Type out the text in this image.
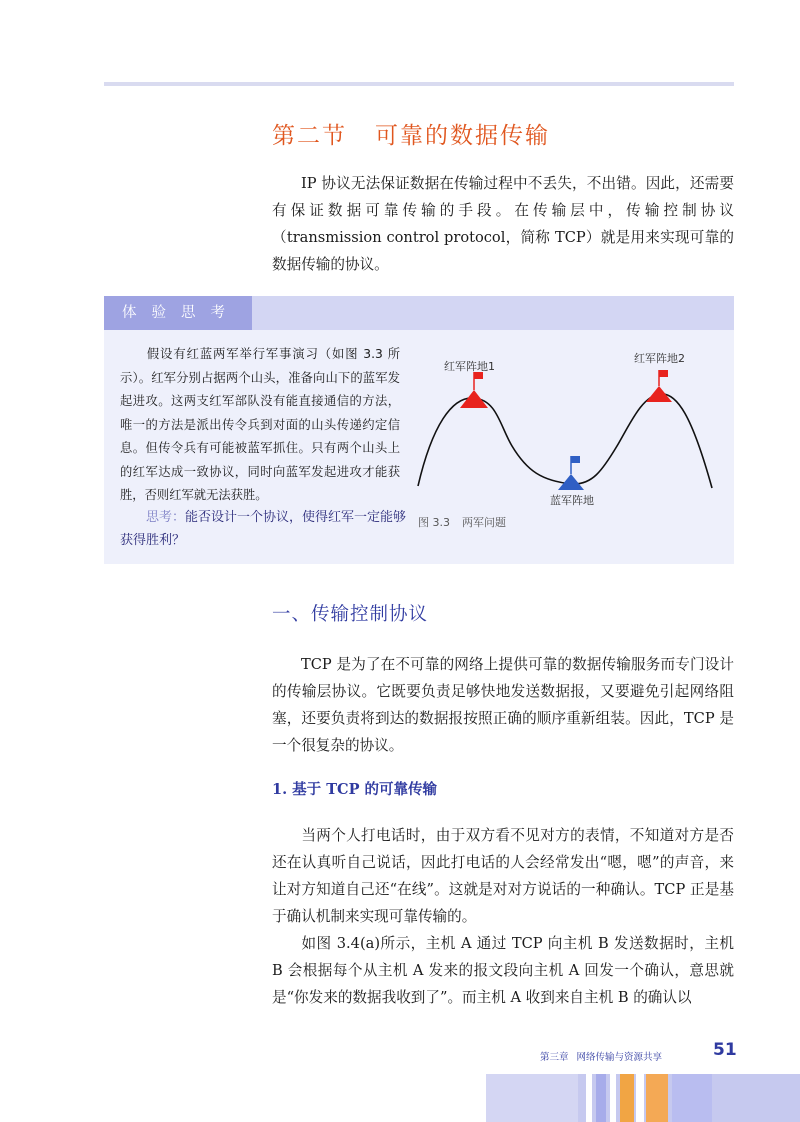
第二节 可靠的数据传输

IP 协议无法保证数据在传输过程中不丢失，不出错。因此，还需要有保证数据可靠传输的手段。在传输层中，传输控制协议（transmission control protocol，简称 TCP）就是用来实现可靠的数据传输的协议。

体验思考

假设有红蓝两军举行军事演习（如图 3.3 所示）。红军分别占据两个山头，准备向山下的蓝军发起进攻。这两支红军部队没有能直接通信的方法，唯一的方法是派出传令兵到对面的山头传递约定信息。但传令兵有可能被蓝军抓住。只有两个山头上的红军达成一致协议，同时向蓝军发起进攻才能获胜，否则红军就无法获胜。

思考：能否设计一个协议，使得红军一定能够获得胜利？

红军阵地1
红军阵地2
蓝军阵地
图 3.3 两军问题
一、传输控制协议

TCP 是为了在不可靠的网络上提供可靠的数据传输服务而专门设计的传输层协议。它既要负责足够快地发送数据报，又要避免引起网络阻塞，还要负责将到达的数据报按照正确的顺序重新组装。因此，TCP 是一个很复杂的协议。

1. 基于 TCP 的可靠传输

当两个人打电话时，由于双方看不见对方的表情，不知道对方是否还在认真听自己说话，因此打电话的人会经常发出“嗯，嗯”的声音，来让对方知道自己还“在线”。这就是对对方说话的一种确认。TCP 正是基于确认机制来实现可靠传输的。

如图 3.4(a)所示，主机 A 通过 TCP 向主机 B 发送数据时，主机 B 会根据每个从主机 A 发来的报文段向主机 A 回发一个确认，意思就是“你发来的数据我收到了”。而主机 A 收到来自主机 B 的确认以

第三章 网络传输与资源共享	51
